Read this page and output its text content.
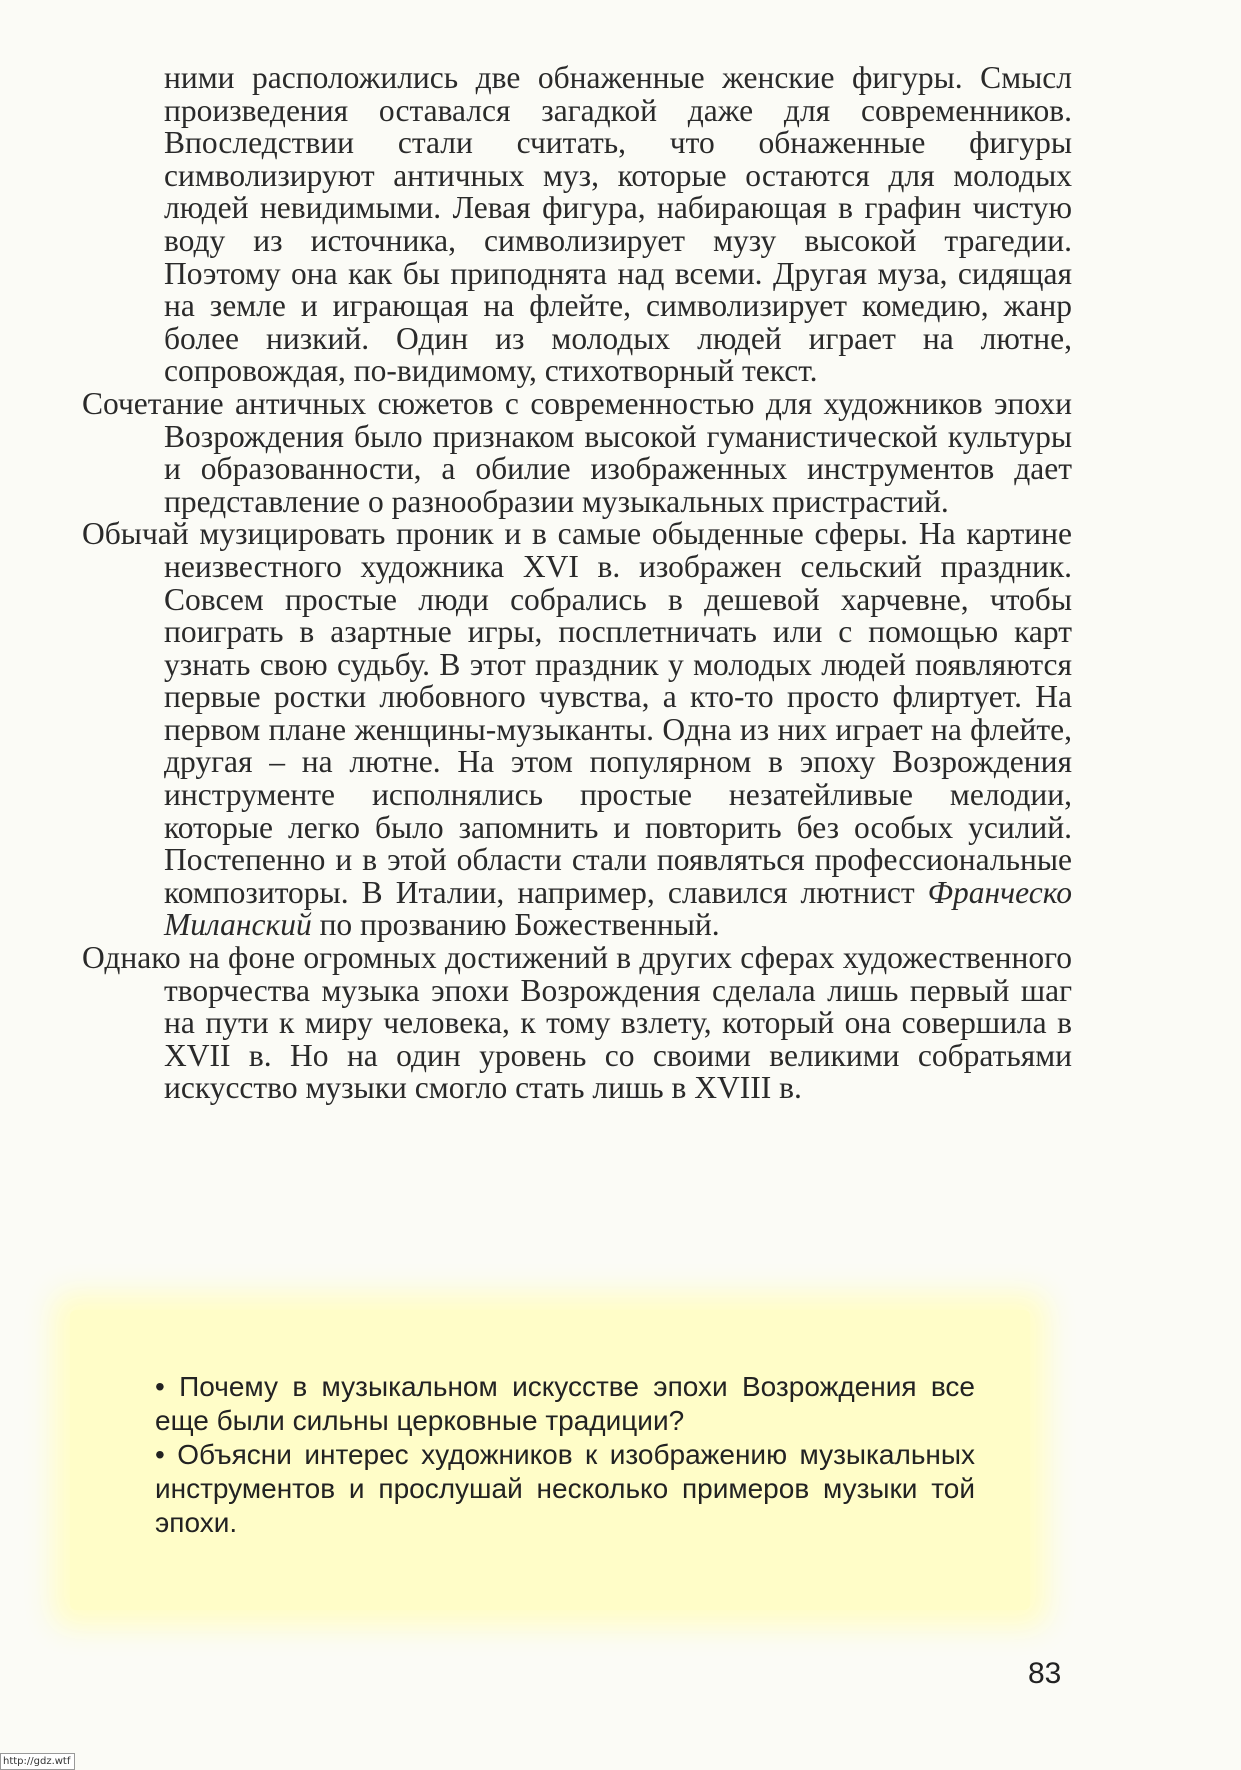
ними расположились две обнаженные женские фигуры. Смысл произведения оставался загадкой даже для современников. Впоследствии стали считать, что обнаженные фигуры символизируют античных муз, которые остаются для молодых людей невидимыми. Левая фигура, набирающая в графин чистую воду из источника, символизирует музу высокой трагедии. Поэтому она как бы приподнята над всеми. Другая муза, сидящая на земле и играющая на флейте, символизирует комедию, жанр более низкий. Один из молодых людей играет на лютне, сопровождая, по-видимому, стихотворный текст.

Сочетание античных сюжетов с современностью для художников эпохи Возрождения было признаком высокой гуманистической культуры и образованности, а обилие изображенных инструментов дает представление о разнообразии музыкальных пристрастий.

Обычай музицировать проник и в самые обыденные сферы. На картине неизвестного художника XVI в. изображен сельский праздник. Совсем простые люди собрались в дешевой харчевне, чтобы поиграть в азартные игры, посплетничать или с помощью карт узнать свою судьбу. В этот праздник у молодых людей появляются первые ростки любовного чувства, а кто-то просто флиртует. На первом плане женщины-музыканты. Одна из них играет на флейте, другая – на лютне. На этом популярном в эпоху Возрождения инструменте исполнялись простые незатейливые мелодии, которые легко было запомнить и повторить без особых усилий. Постепенно и в этой области стали появляться профессиональные композиторы. В Италии, например, славился лютнист Франческо Миланский по прозванию Божественный.

Однако на фоне огромных достижений в других сферах художественного творчества музыка эпохи Возрождения сделала лишь первый шаг на пути к миру человека, к тому взлету, который она совершила в XVII в. Но на один уровень со своими великими собратьями искусство музыки смогло стать лишь в XVIII в.

• Почему в музыкальном искусстве эпохи Возрождения все еще были сильны церковные традиции?

• Объясни интерес художников к изображению музыкальных инструментов и прослушай несколько примеров музыки той эпохи.

83
http://gdz.wtf
